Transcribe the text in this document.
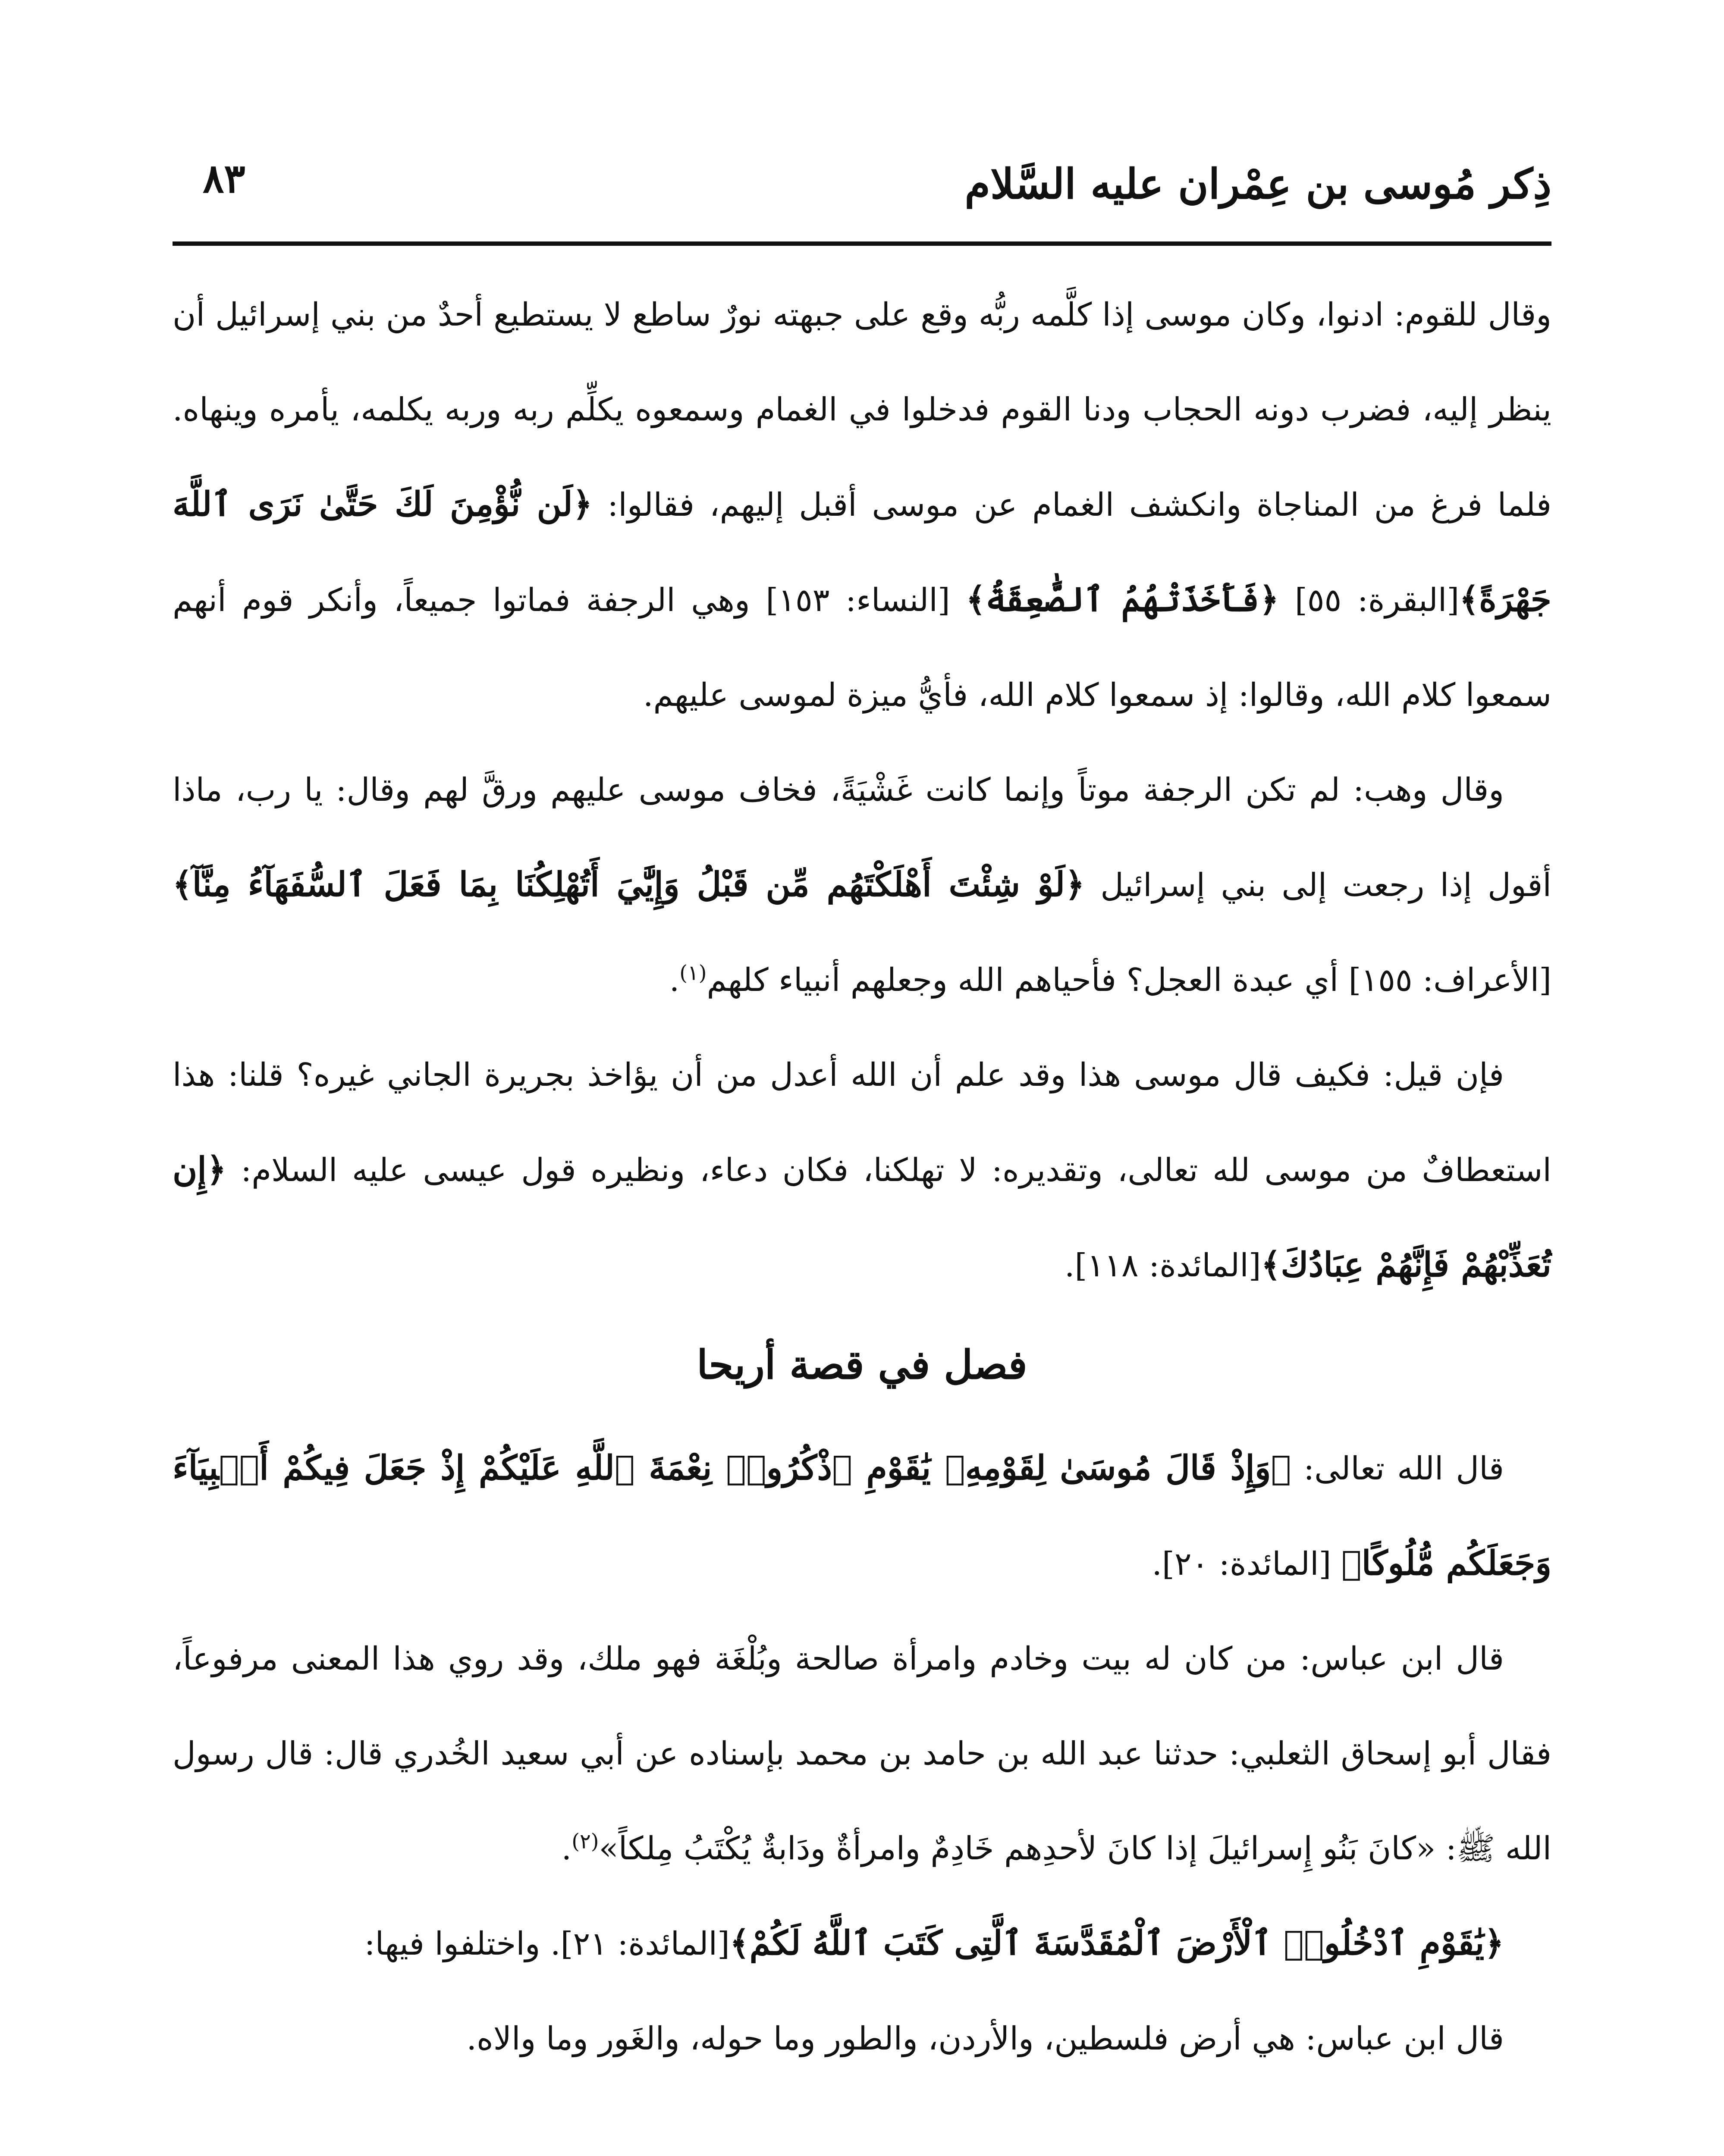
ذِكر مُوسى بن عِمْران عليه السَّلام
٨٣

وقال للقوم: ادنوا، وكان موسى إذا كلَّمه ربُّه وقع على جبهته نورٌ ساطع لا يستطيع أحدٌ من بني إسرائيل أن ينظر إليه، فضرب دونه الحجاب ودنا القوم فدخلوا في الغمام وسمعوه يكلِّم ربه وربه يكلمه، يأمره وينهاه. فلما فرغ من المناجاة وانكشف الغمام عن موسى أقبل إليهم، فقالوا: ﴿لَن نُّؤْمِنَ لَكَ حَتَّىٰ نَرَى ٱللَّهَ جَهْرَةً﴾[البقرة: ٥٥] ﴿فَأَخَذَتْهُمُ ٱلصَّٰعِقَةُ﴾ [النساء: ١٥٣] وهي الرجفة فماتوا جميعاً، وأنكر قوم أنهم سمعوا كلام الله، وقالوا: إذ سمعوا كلام الله، فأيُّ ميزة لموسى عليهم.

وقال وهب: لم تكن الرجفة موتاً وإنما كانت غَشْيَةً، فخاف موسى عليهم ورقَّ لهم وقال: يا رب، ماذا أقول إذا رجعت إلى بني إسرائيل ﴿لَوْ شِئْتَ أَهْلَكْتَهُم مِّن قَبْلُ وَإِيَّٰيَ أَتُهْلِكُنَا بِمَا فَعَلَ ٱلسُّفَهَآءُ مِنَّآ﴾ [الأعراف: ١٥٥] أي عبدة العجل؟ فأحياهم الله وجعلهم أنبياء كلهم$^{(١)}$.

فإن قيل: فكيف قال موسى هذا وقد علم أن الله أعدل من أن يؤاخذ بجريرة الجاني غيره؟ قلنا: هذا استعطافٌ من موسى لله تعالى، وتقديره: لا تهلكنا، فكان دعاء، ونظيره قول عيسى عليه السلام: ﴿إِن تُعَذِّبْهُمْ فَإِنَّهُمْ عِبَادُكَ﴾[المائدة: ١١٨].

فصل في قصة أريحا

قال الله تعالى: ﴿وَإِذْ قَالَ مُوسَىٰ لِقَوْمِهِۦ يَٰقَوْمِ ٱذْكُرُوا۟ نِعْمَةَ ٱللَّهِ عَلَيْكُمْ إِذْ جَعَلَ فِيكُمْ أَنۢبِيَآءَ وَجَعَلَكُم مُّلُوكًا﴾ [المائدة: ٢٠].

قال ابن عباس: من كان له بيت وخادم وامرأة صالحة وبُلْغَة فهو ملك، وقد روي هذا المعنى مرفوعاً، فقال أبو إسحاق الثعلبي: حدثنا عبد الله بن حامد بن محمد بإسناده عن أبي سعيد الخُدري قال: قال رسول الله ﷺ: «كانَ بَنُو إِسرائيلَ إذا كانَ لأحدِهم خَادِمٌ وامرأةٌ ودَابةٌ يُكْتَبُ مِلكاً»$^{(٢)}$.

﴿يَٰقَوْمِ ٱدْخُلُوا۟ ٱلْأَرْضَ ٱلْمُقَدَّسَةَ ٱلَّتِى كَتَبَ ٱللَّهُ لَكُمْ﴾[المائدة: ٢١]. واختلفوا فيها:

قال ابن عباس: هي أرض فلسطين، والأردن، والطور وما حوله، والغَور وما والاه.
